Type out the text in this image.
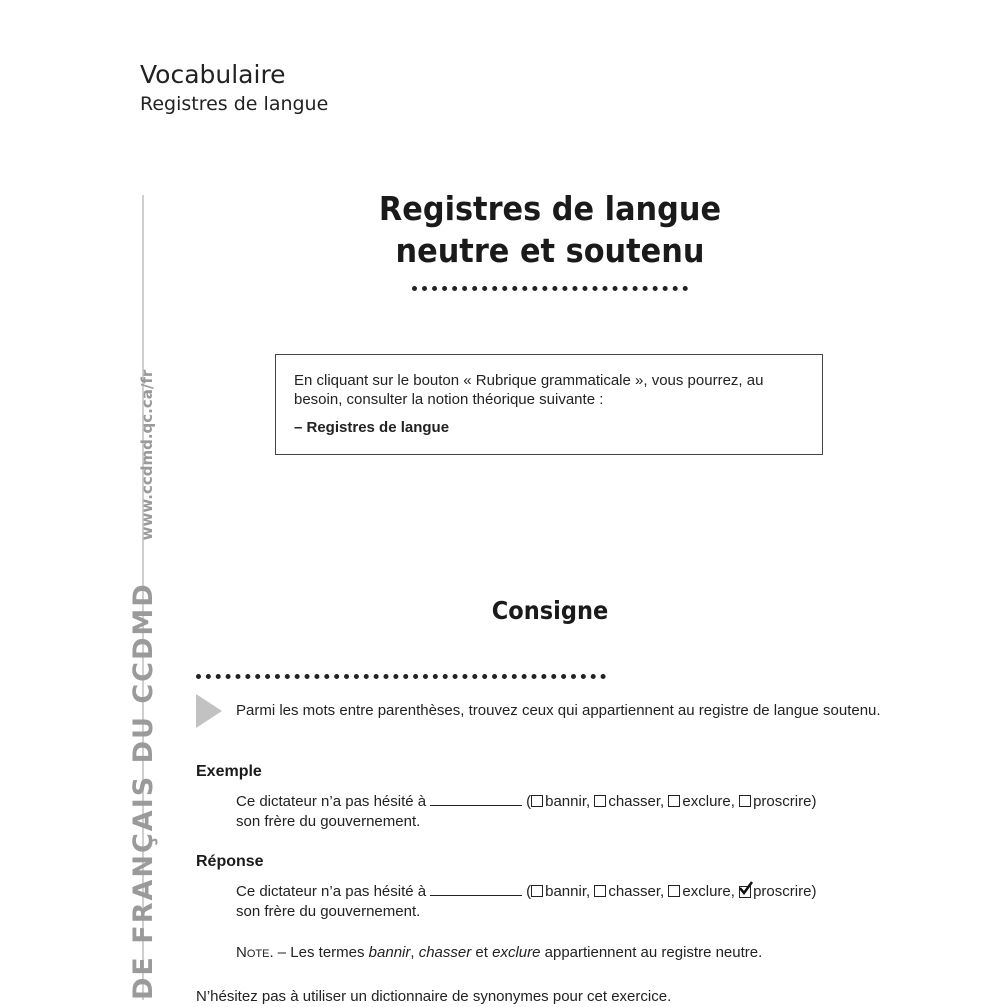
Vocabulaire
Registres de langue
DE FRANÇAIS DU CCDMDwww.ccdmd.qc.ca/fr
Registres de langue
neutre et soutenu
En cliquant sur le bouton « Rubrique grammaticale », vous pourrez, au besoin, consulter la notion théorique suivante :
– Registres de langue
Consigne
Parmi les mots entre parenthèses, trouvez ceux qui appartiennent au registre de langue soutenu.
Exemple
Ce dictateur n’a pas hésité à	( bannir, chasser, exclure, proscrire)
son frère du gouvernement.
Réponse
Ce dictateur n’a pas hésité à	( bannir, chasser, exclure, proscrire)
son frère du gouvernement.
Note. – Les termes bannir, chasser et exclure appartiennent au registre neutre.
N’hésitez pas à utiliser un dictionnaire de synonymes pour cet exercice.
